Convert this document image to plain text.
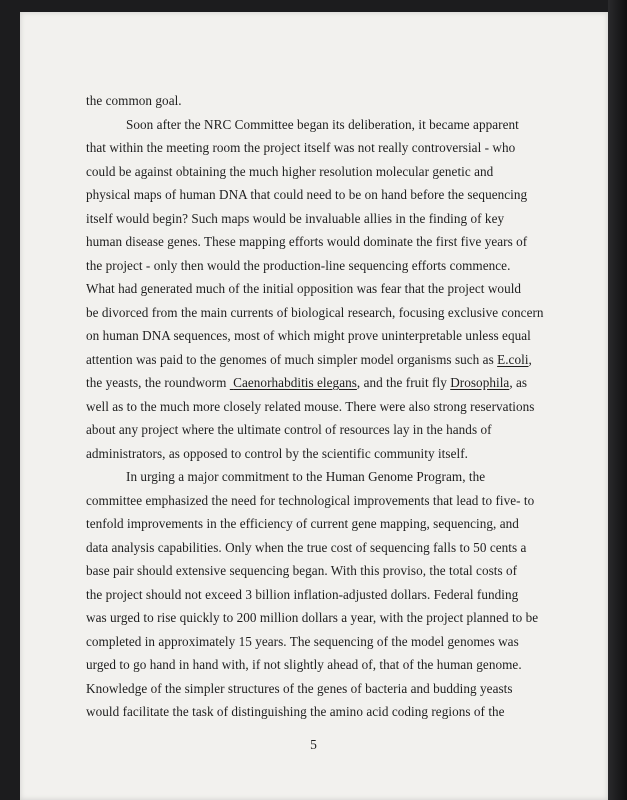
the common goal.
Soon after the NRC Committee began its deliberation, it became apparent
that within the meeting room the project itself was not really controversial - who
could be against obtaining the much higher resolution molecular genetic and
physical maps of human DNA that could need to be on hand before the sequencing
itself would begin? Such maps would be invaluable allies in the finding of key
human disease genes. These mapping efforts would dominate the first five years of
the project - only then would the production-line sequencing efforts commence.
What had generated much of the initial opposition was fear that the project would
be divorced from the main currents of biological research, focusing exclusive concern
on human DNA sequences, most of which might prove uninterpretable unless equal
attention was paid to the genomes of much simpler model organisms such as E.coli,
the yeasts, the roundworm Caenorhabditis elegans, and the fruit fly Drosophila, as
well as to the much more closely related mouse. There were also strong reservations
about any project where the ultimate control of resources lay in the hands of
administrators, as opposed to control by the scientific community itself.
In urging a major commitment to the Human Genome Program, the
committee emphasized the need for technological improvements that lead to five- to
tenfold improvements in the efficiency of current gene mapping, sequencing, and
data analysis capabilities. Only when the true cost of sequencing falls to 50 cents a
base pair should extensive sequencing began. With this proviso, the total costs of
the project should not exceed 3 billion inflation-adjusted dollars. Federal funding
was urged to rise quickly to 200 million dollars a year, with the project planned to be
completed in approximately 15 years. The sequencing of the model genomes was
urged to go hand in hand with, if not slightly ahead of, that of the human genome.
Knowledge of the simpler structures of the genes of bacteria and budding yeasts
would facilitate the task of distinguishing the amino acid coding regions of the
5
